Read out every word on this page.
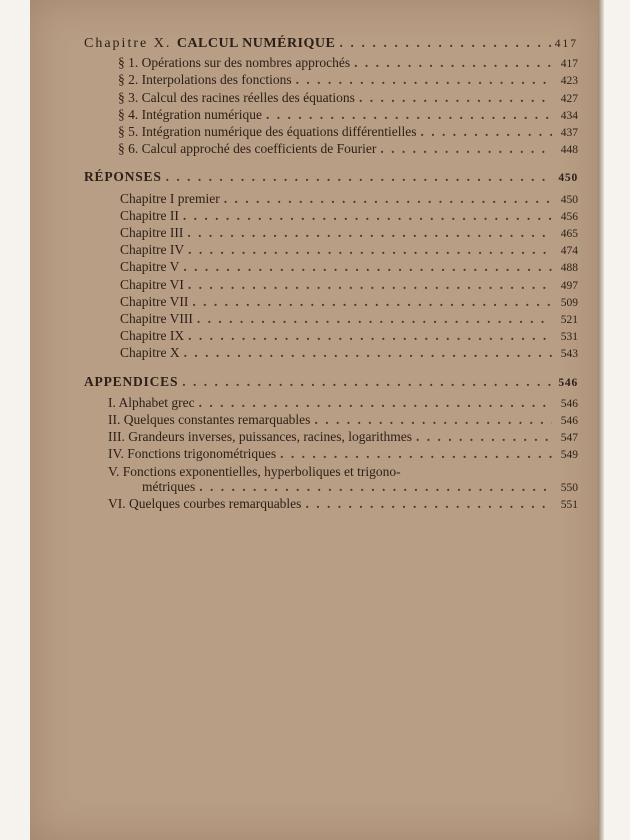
Chapitre X. CALCUL NUMÉRIQUE . . .	417
§ 1. Opérations sur des nombres approchés . . .	417
§ 2. Interpolations des fonctions . . .	423
§ 3. Calcul des racines réelles des équations . . .	427
§ 4. Intégration numérique . . .	434
§ 5. Intégration numérique des équations différentielles . . .	437
§ 6. Calcul approché des coefficients de Fourier . . .	448
RÉPONSES . . .	450
Chapitre I premier . . .	450
Chapitre II . . .	456
Chapitre III . . .	465
Chapitre IV . . .	474
Chapitre V . . .	488
Chapitre VI . . .	497
Chapitre VII . . .	509
Chapitre VIII . . .	521
Chapitre IX . . .	531
Chapitre X . . .	543
APPENDICES . . .	546
I. Alphabet grec . . .	546
II. Quelques constantes remarquables . . .	546
III. Grandeurs inverses, puissances, racines, logarithmes . . .	547
IV. Fonctions trigonométriques . . .	549
V. Fonctions exponentielles, hyperboliques et trigono-
métriques . . .	550
VI. Quelques courbes remarquables . . .	551
